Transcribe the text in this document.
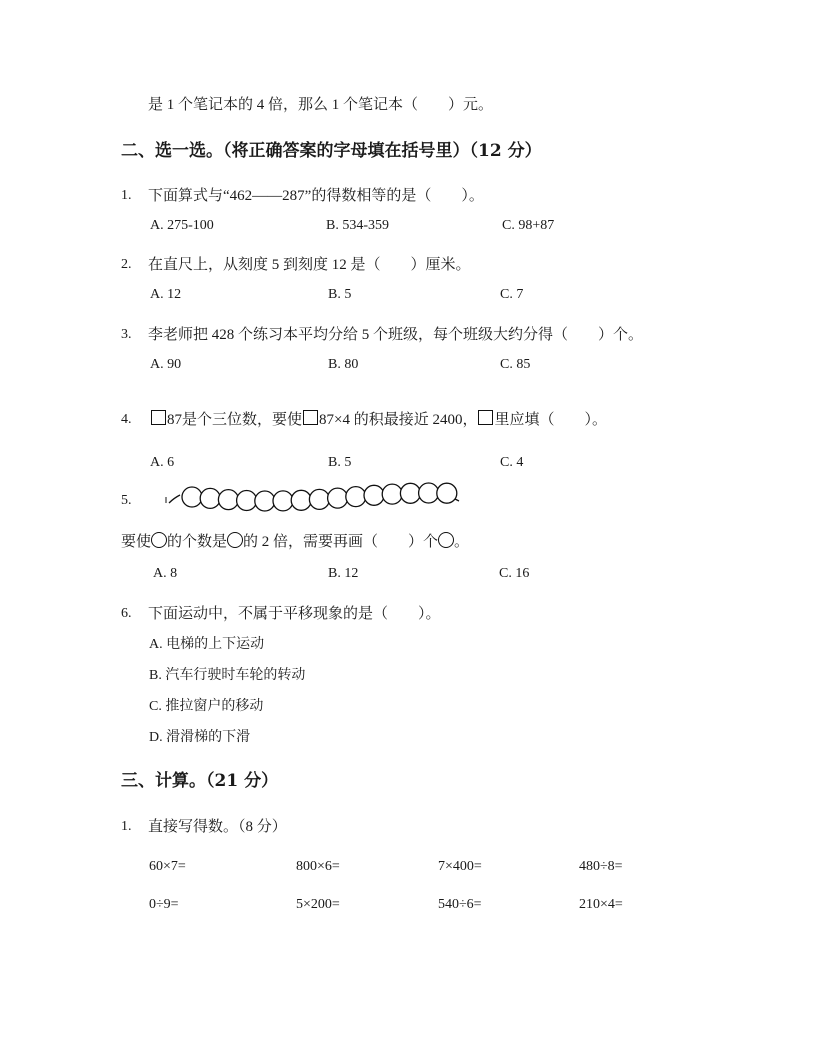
是 1 个笔记本的 4 倍，那么 1 个笔记本（　　）元。
二、选一选。（将正确答案的字母填在括号里）（12 分）
1. 下面算式与“462——287”的得数相等的是（　　）。
A. 275-100	B. 534-359	C. 98+87
2. 在直尺上，从刻度 5 到刻度 12 是（　　）厘米。
A. 12	B. 5	C. 7
3. 李老师把 428 个练习本平均分给 5 个班级，每个班级大约分得（　　）个。
A. 90	B. 80	C. 85
4.	87是个三位数，要使 87×4 的积最接近 2400， 里应填（　　）。
A. 6	B. 5	C. 4
5.
要使 的个数是 的 2 倍，需要再画（　　）个 。
A. 8	B. 12	C. 16
6. 下面运动中，不属于平移现象的是（　　）。
A. 电梯的上下运动
B. 汽车行驶时车轮的转动
C. 推拉窗户的移动
D. 滑滑梯的下滑
三、计算。（21 分）
1. 直接写得数。（8 分）
60×7=	800×6=	7×400=	480÷8=
0÷9=	5×200=	540÷6=	210×4=
